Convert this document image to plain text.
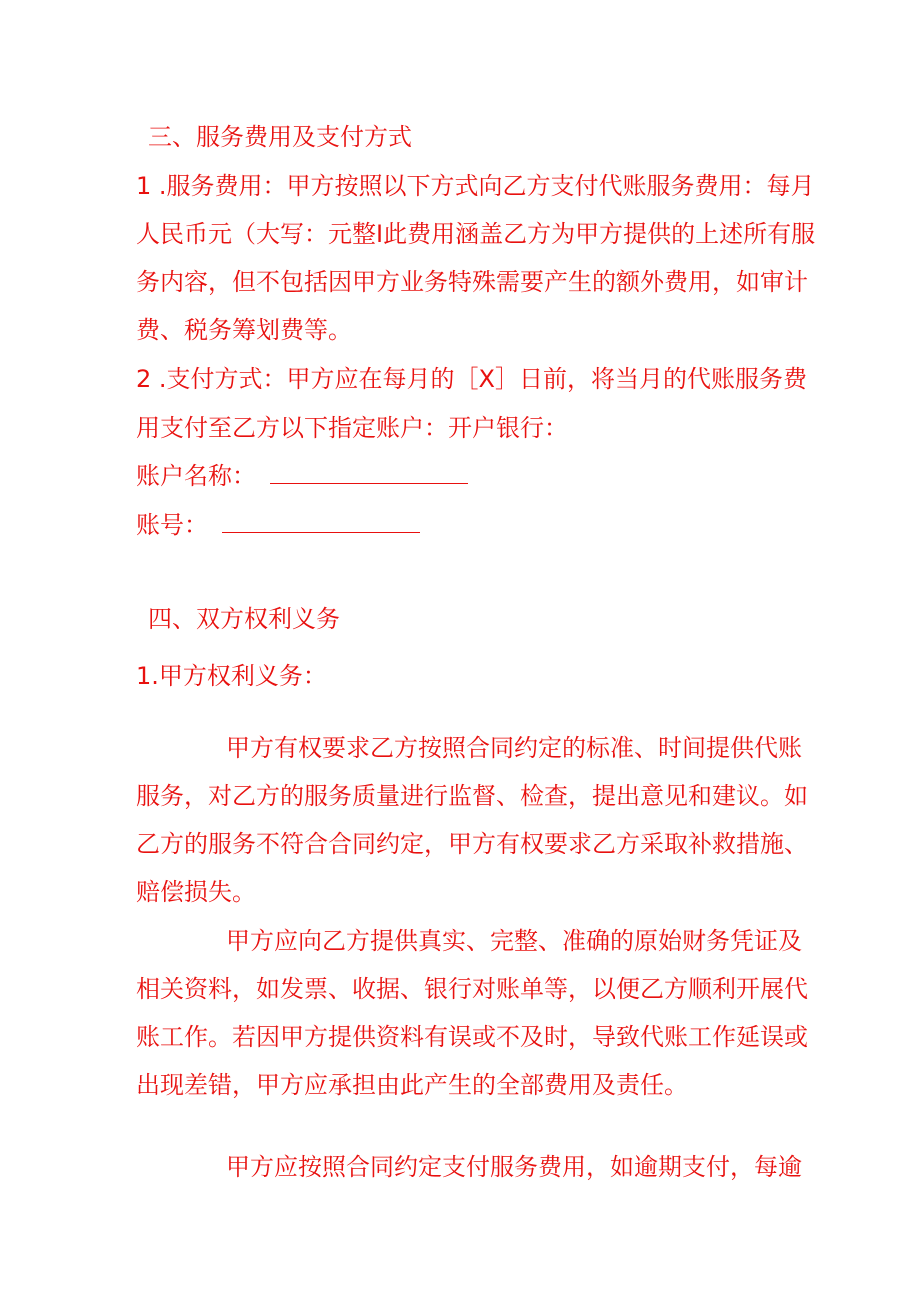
三、服务费用及支付方式
1 .服务费用：甲方按照以下方式向乙方支付代账服务费用：每月
人民币元（大写：元整I此费用涵盖乙方为甲方提供的上述所有服
务内容，但不包括因甲方业务特殊需要产生的额外费用，如审计
费、税务筹划费等。
2 .支付方式：甲方应在每月的［X］日前，将当月的代账服务费
用支付至乙方以下指定账户：开户银行：
账户名称：
账号：
四、双方权利义务
1.甲方权利义务：
甲方有权要求乙方按照合同约定的标准、时间提供代账
服务，对乙方的服务质量进行监督、检查，提出意见和建议。如
乙方的服务不符合合同约定，甲方有权要求乙方采取补救措施、
赔偿损失。
甲方应向乙方提供真实、完整、准确的原始财务凭证及
相关资料，如发票、收据、银行对账单等，以便乙方顺利开展代
账工作。若因甲方提供资料有误或不及时，导致代账工作延误或
出现差错，甲方应承担由此产生的全部费用及责任。
甲方应按照合同约定支付服务费用，如逾期支付，每逾
